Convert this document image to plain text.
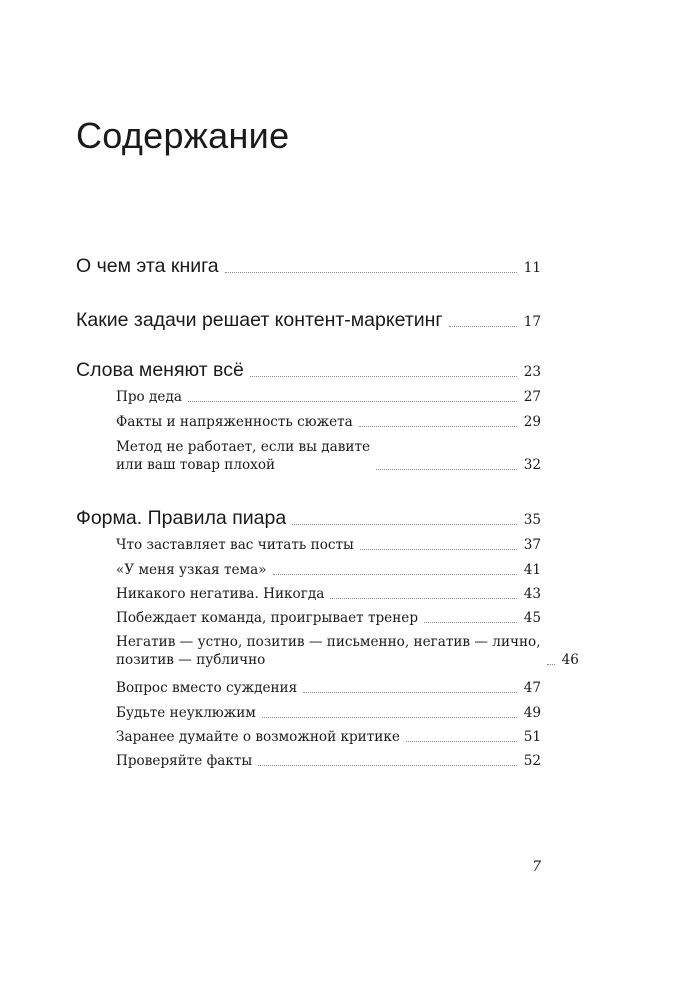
Содержание
О чем эта книга	11
Какие задачи решает контент-маркетинг	17
Слова меняют всё	23
Про деда	27
Факты и напряженность сюжета	29
Метод не работает, если вы давите
или ваш товар плохой	32
Форма. Правила пиара	35
Что заставляет вас читать посты	37
«У меня узкая тема»	41
Никакого негатива. Никогда	43
Побеждает команда, проигрывает тренер	45
Негатив — устно, позитив — письменно, негатив — лично,
позитив — публично	46
Вопрос вместо суждения	47
Будьте неуклюжим	49
Заранее думайте о возможной критике	51
Проверяйте факты	52
7
